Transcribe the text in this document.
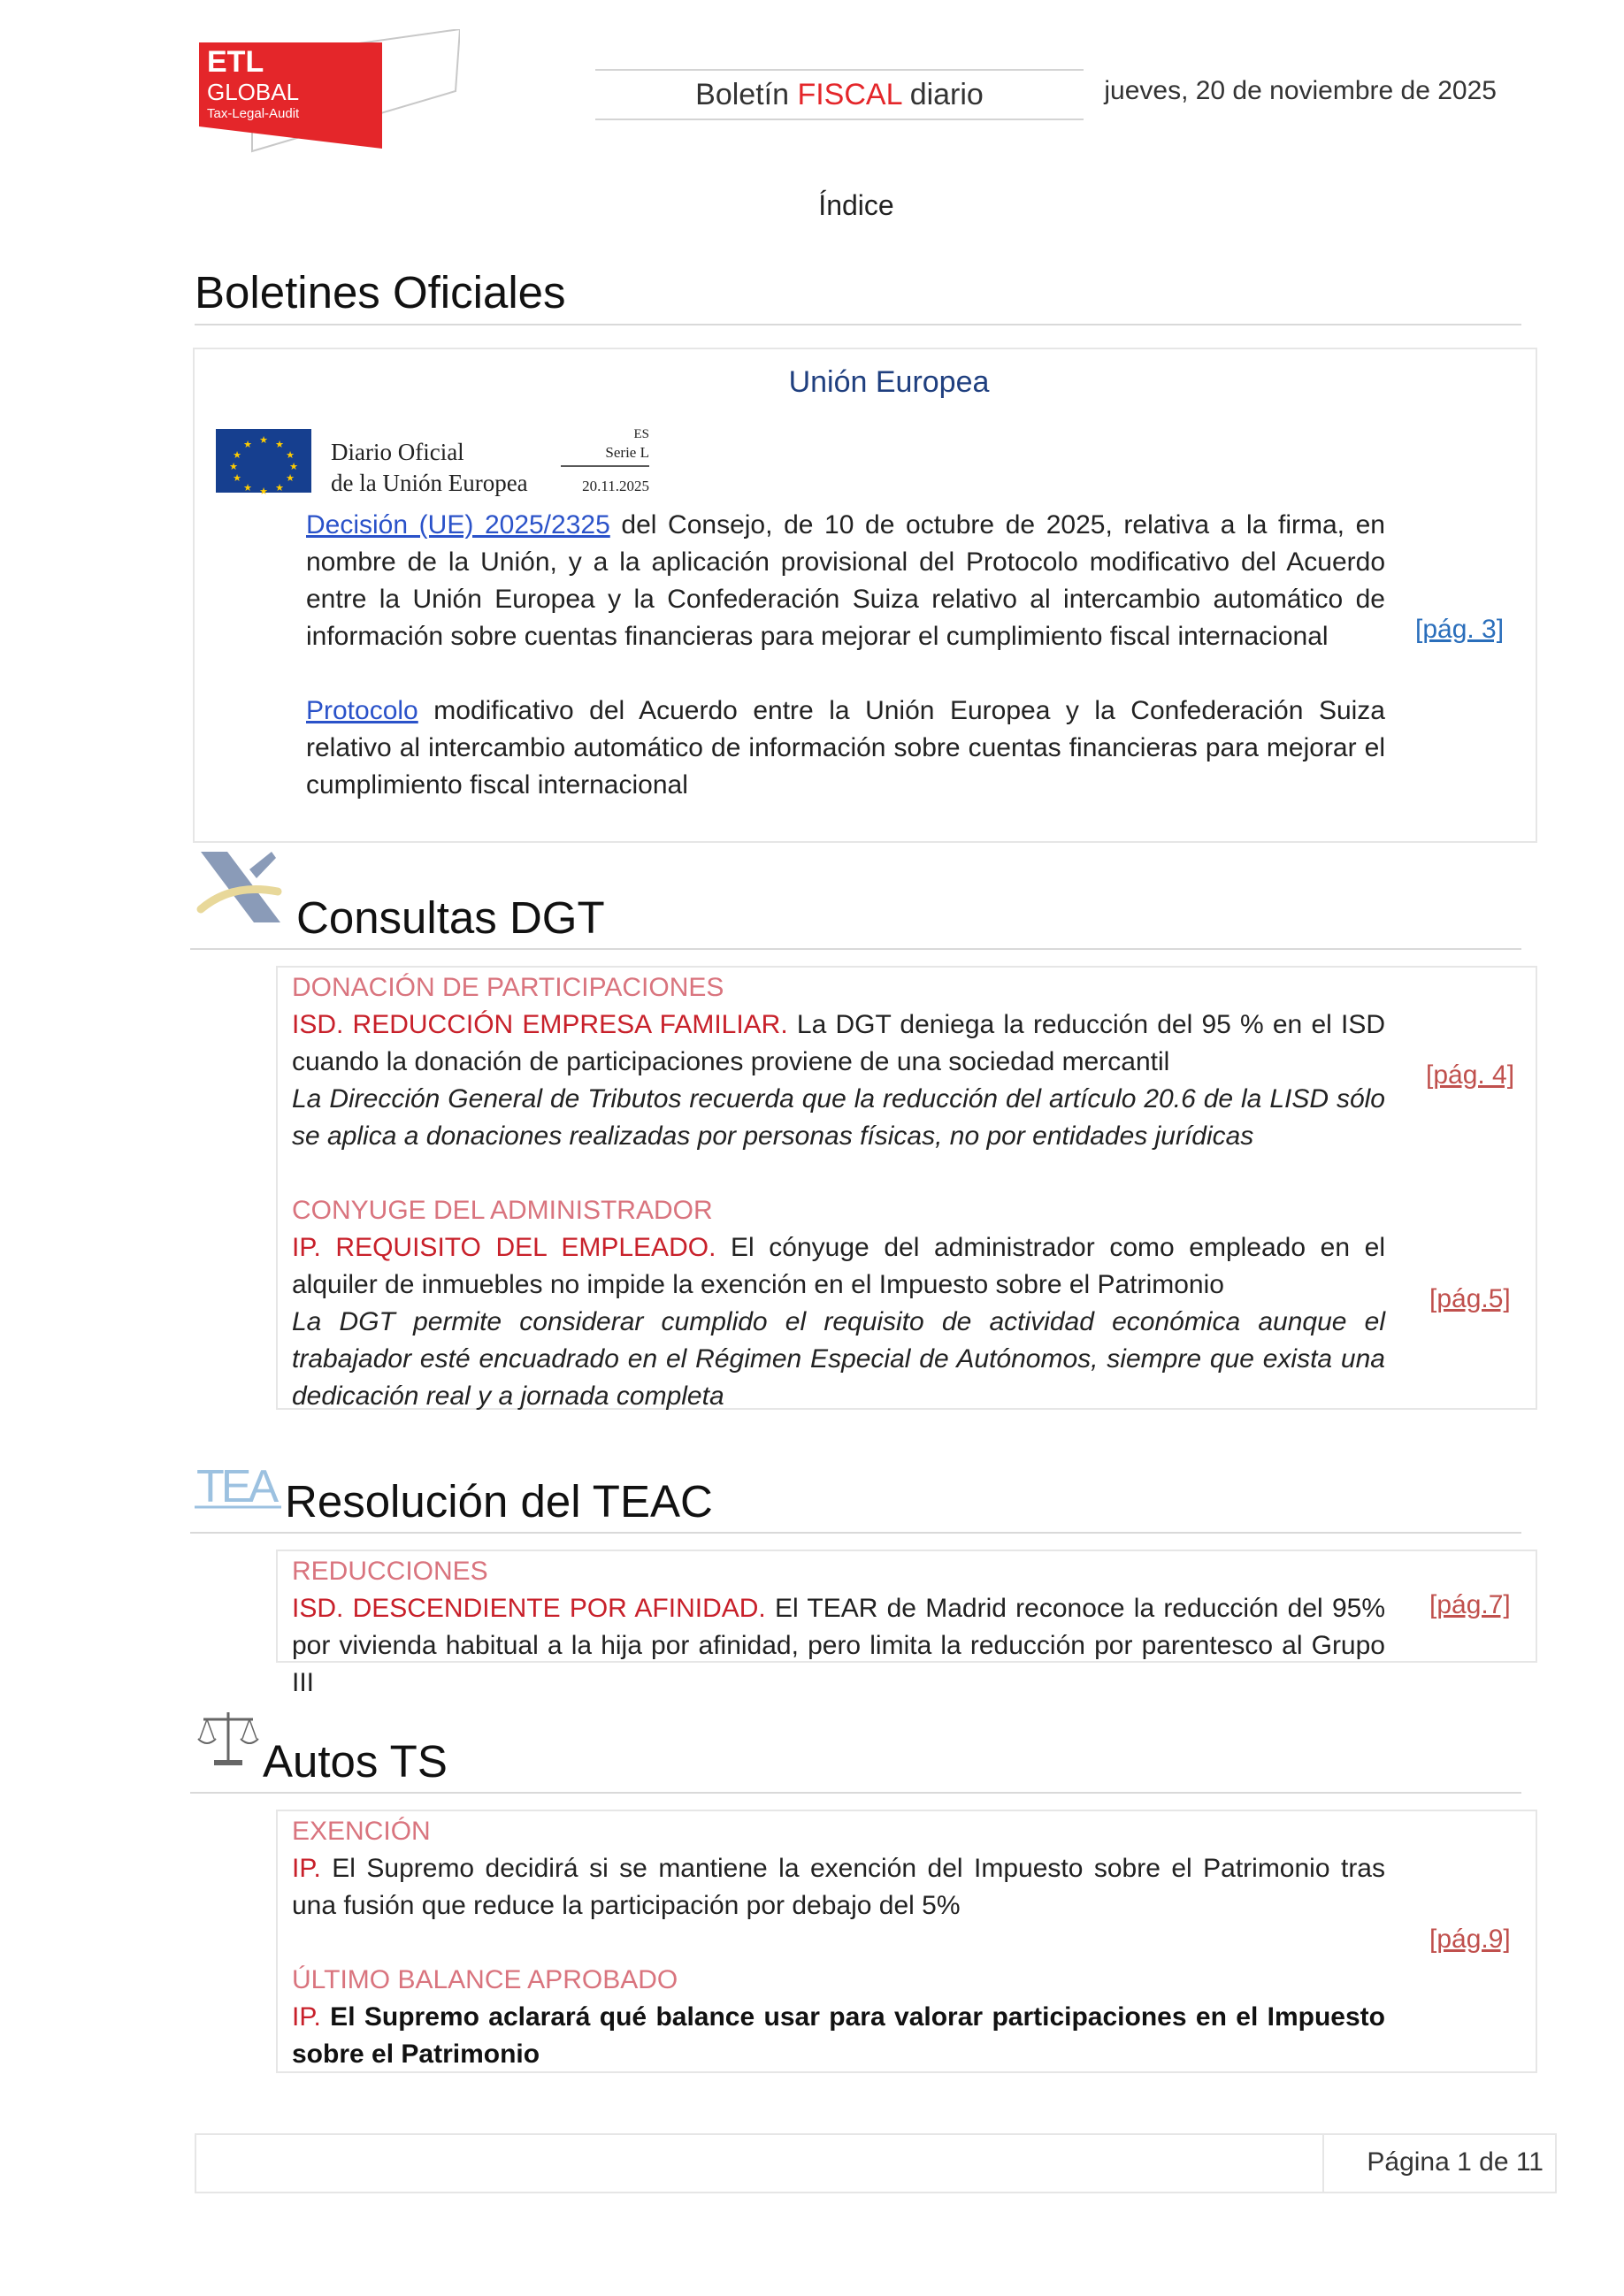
ETL
GLOBAL
Tax-Legal-Audit
Boletín FISCAL diario	jueves, 20 de noviembre de 2025
Índice
Boletines Oficiales
Unión Europea
★ ★
★
★
★
★
★
★
★
★
★
★	Diario Oficial
de la Unión Europea
ES
Serie L
20.11.2025
Decisión (UE) 2025/2325 del Consejo, de 10 de octubre de 2025, relativa a la firma, en nombre de la Unión, y a la aplicación provisional del Protocolo modificativo del Acuerdo entre la Unión Europea y la Confederación Suiza relativo al intercambio automático de información sobre cuentas financieras para mejorar el cumplimiento fiscal internacional
Protocolo modificativo del Acuerdo entre la Unión Europea y la Confederación Suiza relativo al intercambio automático de información sobre cuentas financieras para mejorar el cumplimiento fiscal internacional
[pág. 3]
Consultas DGT
DONACIÓN DE PARTICIPACIONES
ISD. REDUCCIÓN EMPRESA FAMILIAR. La DGT deniega la reducción del 95 % en el ISD cuando la donación de participaciones proviene de una sociedad mercantil
La Dirección General de Tributos recuerda que la reducción del artículo 20.6 de la LISD sólo se aplica a donaciones realizadas por personas físicas, no por entidades jurídicas
[pág. 4]
CONYUGE DEL ADMINISTRADOR
IP. REQUISITO DEL EMPLEADO. El cónyuge del administrador como empleado en el alquiler de inmuebles no impide la exención en el Impuesto sobre el Patrimonio
La DGT permite considerar cumplido el requisito de actividad económica aunque el trabajador esté encuadrado en el Régimen Especial de Autónomos, siempre que exista una dedicación real y a jornada completa
[pág.5]
TEA Resolución del TEAC
REDUCCIONES
ISD. DESCENDIENTE POR AFINIDAD. El TEAR de Madrid reconoce la reducción del 95% por vivienda habitual a la hija por afinidad, pero limita la reducción por parentesco al Grupo III
[pág.7]
Autos TS
EXENCIÓN
IP. El Supremo decidirá si se mantiene la exención del Impuesto sobre el Patrimonio tras una fusión que reduce la participación por debajo del 5%
ÚLTIMO BALANCE APROBADO
IP. El Supremo aclarará qué balance usar para valorar participaciones en el Impuesto sobre el Patrimonio
[pág.9]
Página 1 de 11
